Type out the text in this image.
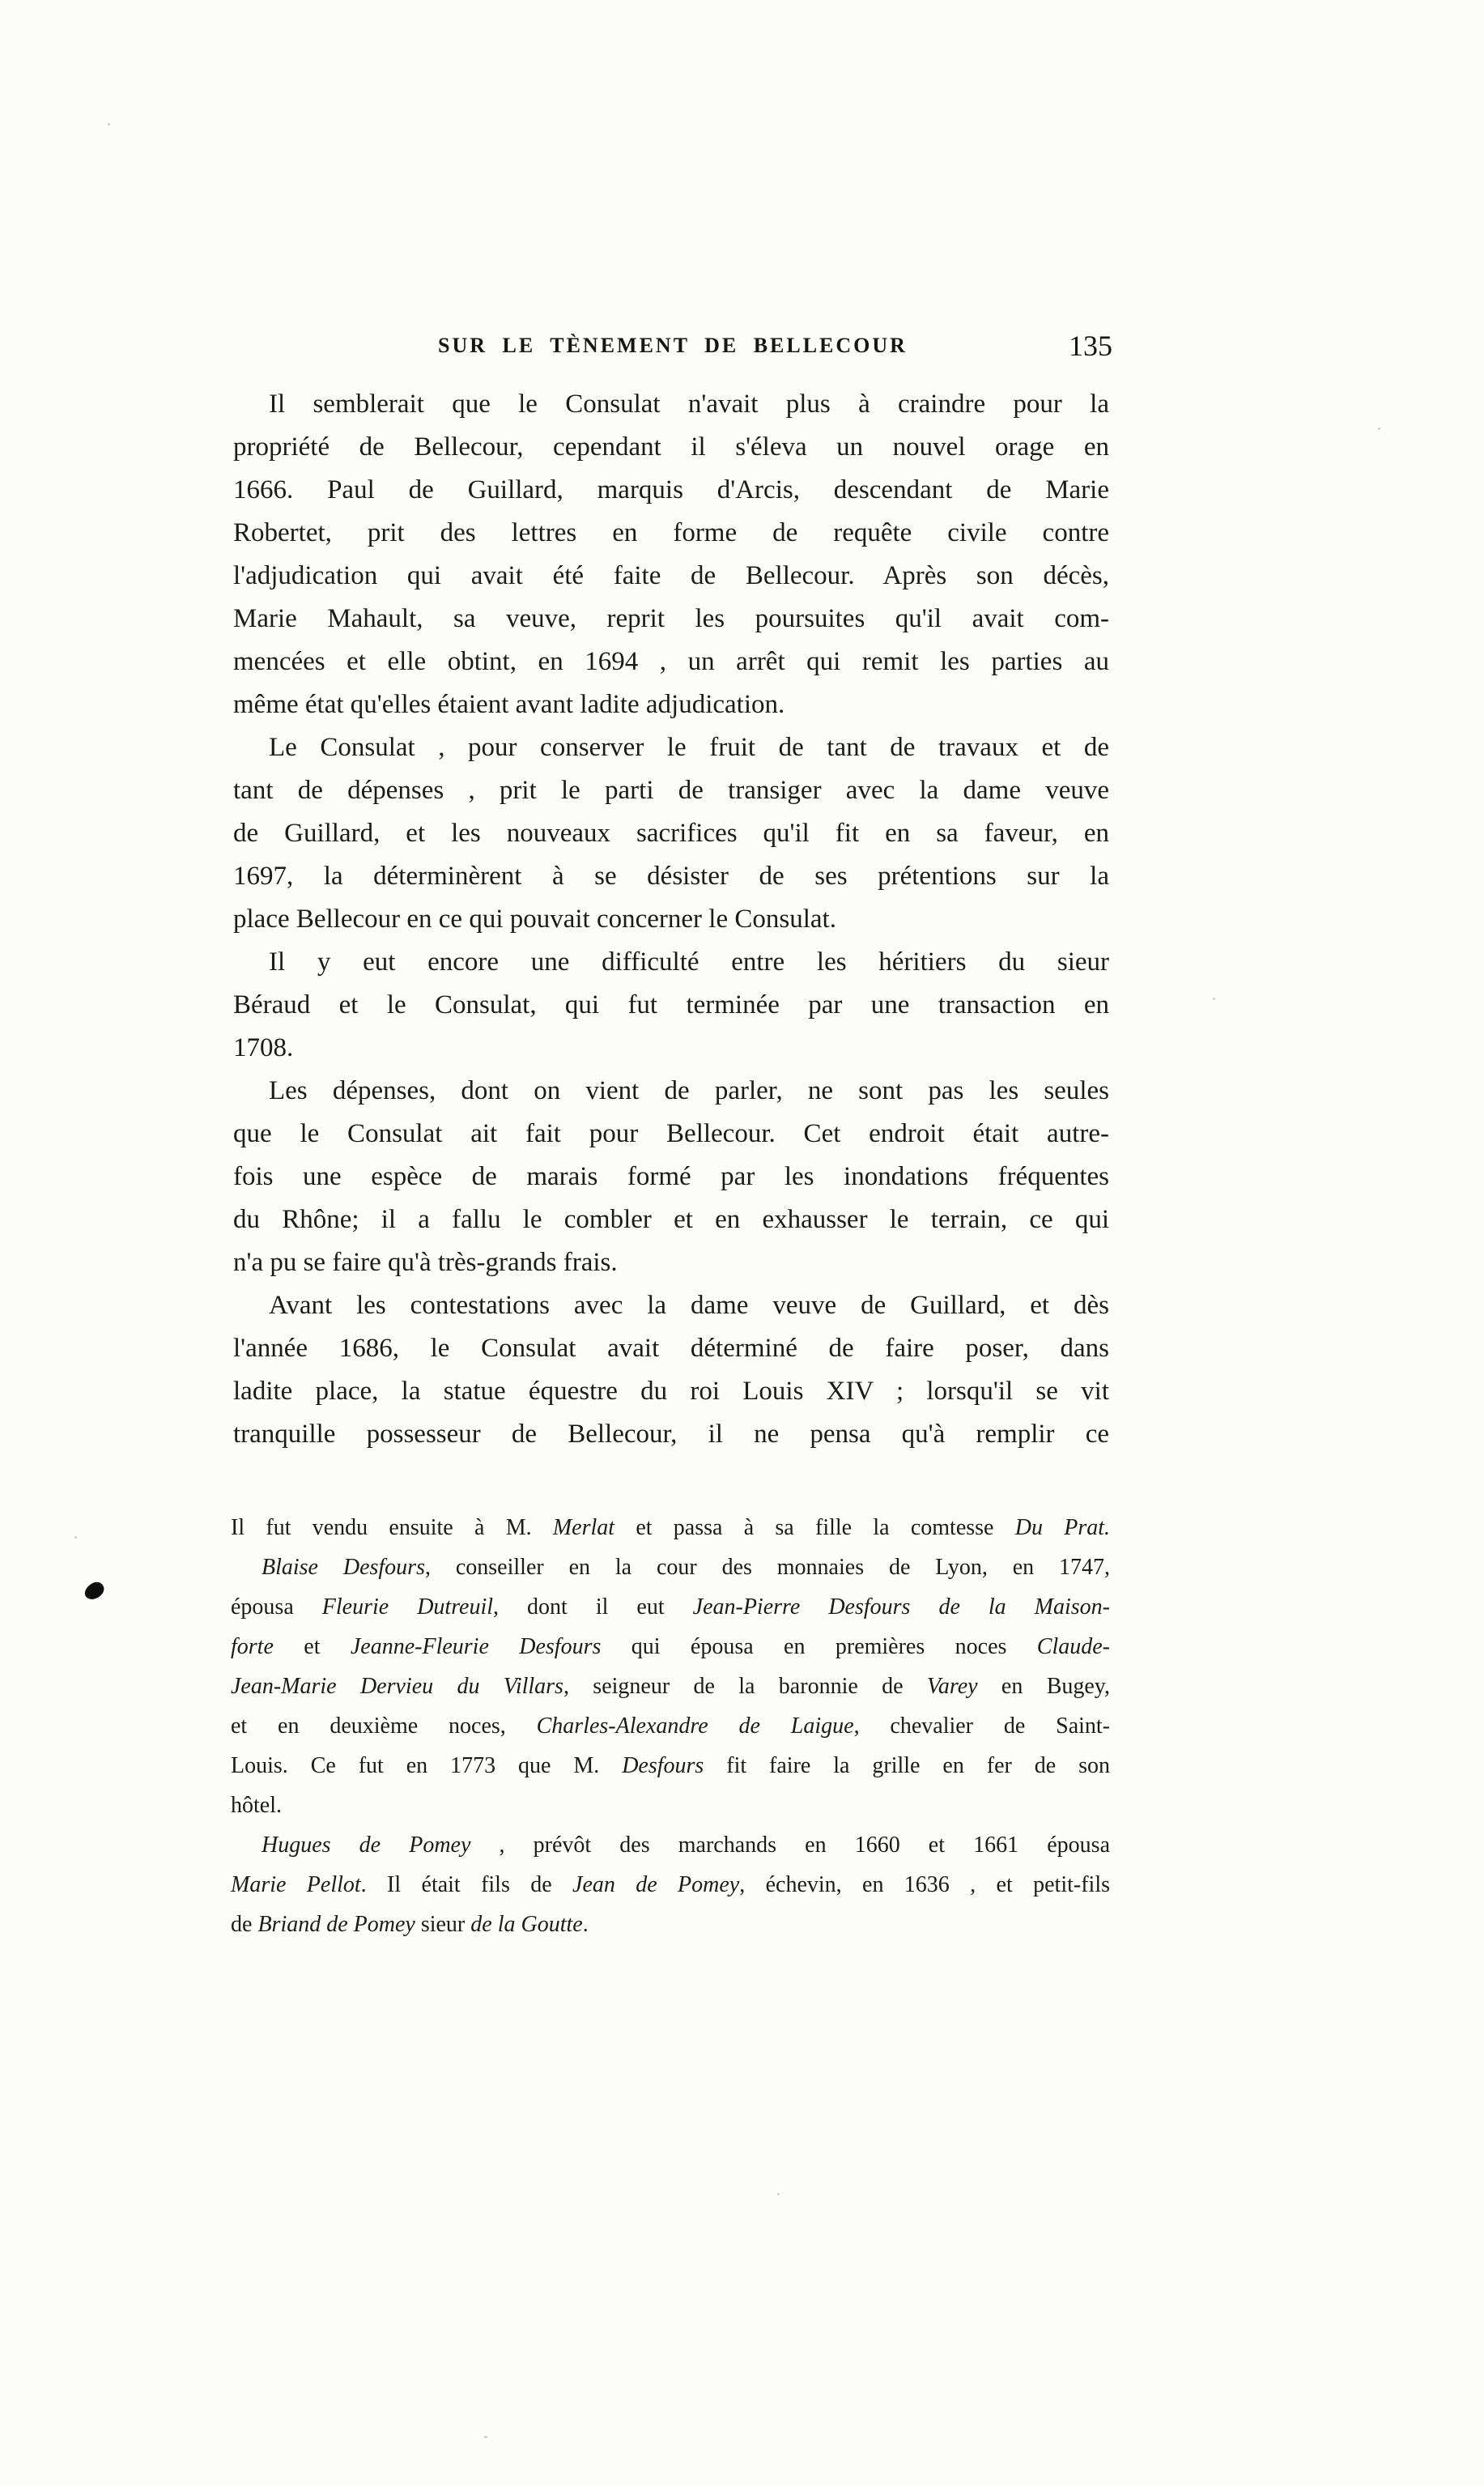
SUR LE TÈNEMENT DE BELLECOUR	135
Il semblerait que le Consulat n'avait plus à craindre pour la
propriété de Bellecour, cependant il s'éleva un nouvel orage en
1666. Paul de Guillard, marquis d'Arcis, descendant de Marie
Robertet, prit des lettres en forme de requête civile contre
l'adjudication qui avait été faite de Bellecour. Après son décès,
Marie Mahault, sa veuve, reprit les poursuites qu'il avait com-
mencées et elle obtint, en 1694 , un arrêt qui remit les parties au
même état qu'elles étaient avant ladite adjudication.
Le Consulat , pour conserver le fruit de tant de travaux et de
tant de dépenses , prit le parti de transiger avec la dame veuve
de Guillard, et les nouveaux sacrifices qu'il fit en sa faveur, en
1697, la déterminèrent à se désister de ses prétentions sur la
place Bellecour en ce qui pouvait concerner le Consulat.
Il y eut encore une difficulté entre les héritiers du sieur
Béraud et le Consulat, qui fut terminée par une transaction en
1708.
Les dépenses, dont on vient de parler, ne sont pas les seules
que le Consulat ait fait pour Bellecour. Cet endroit était autre-
fois une espèce de marais formé par les inondations fréquentes
du Rhône; il a fallu le combler et en exhausser le terrain, ce qui
n'a pu se faire qu'à très-grands frais.
Avant les contestations avec la dame veuve de Guillard, et dès
l'année 1686, le Consulat avait déterminé de faire poser, dans
ladite place, la statue équestre du roi Louis XIV ; lorsqu'il se vit
tranquille possesseur de Bellecour, il ne pensa qu'à remplir ce
Il fut vendu ensuite à M. Merlat et passa à sa fille la comtesse Du Prat.
Blaise Desfours, conseiller en la cour des monnaies de Lyon, en 1747,
épousa Fleurie Dutreuil, dont il eut Jean-Pierre Desfours de la Maison-
forte et Jeanne-Fleurie Desfours qui épousa en premières noces Claude-
Jean-Marie Dervieu du Villars, seigneur de la baronnie de Varey en Bugey,
et en deuxième noces, Charles-Alexandre de Laigue, chevalier de Saint-
Louis. Ce fut en 1773 que M. Desfours fit faire la grille en fer de son
hôtel.
Hugues de Pomey , prévôt des marchands en 1660 et 1661 épousa
Marie Pellot. Il était fils de Jean de Pomey, échevin, en 1636 , et petit-fils
de Briand de Pomey sieur de la Goutte.
